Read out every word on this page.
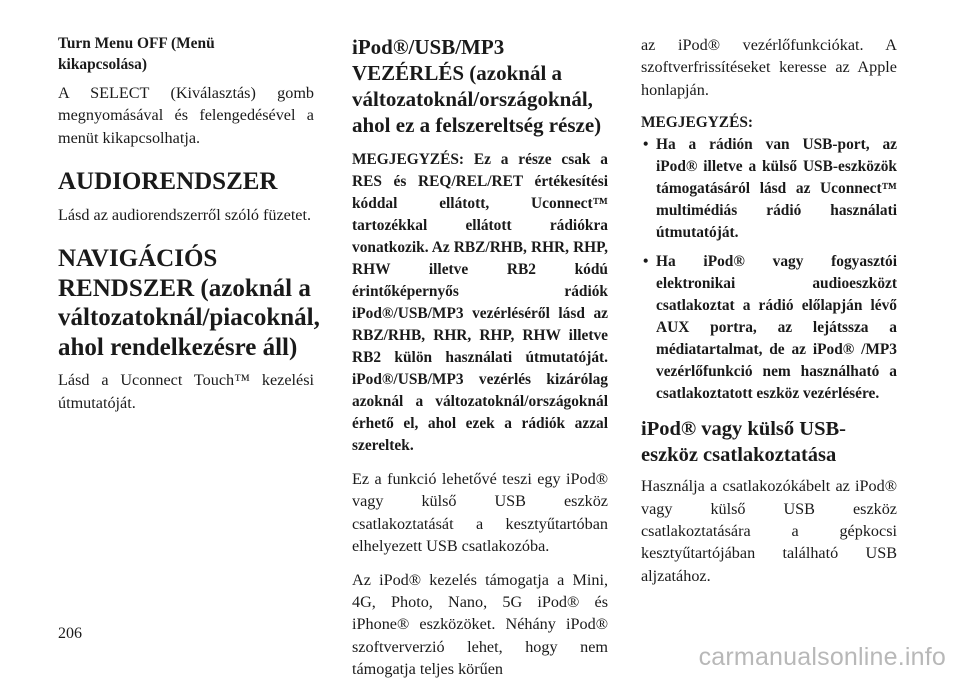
Turn Menu OFF (Menü kikapcsolása)

A SELECT (Kiválasztás) gomb megnyomásával és felengedésével a menüt kikapcsolhatja.

AUDIORENDSZER

Lásd az audiorendszerről szóló füzetet.

NAVIGÁCIÓS RENDSZER (azoknál a változatoknál/piacoknál, ahol rendelkezésre áll)

Lásd a Uconnect Touch™ kezelési útmutatóját.

iPod®/USB/MP3 VEZÉRLÉS (azoknál a változatoknál/országoknál, ahol ez a felszereltség része)

MEGJEGYZÉS: Ez a része csak a RES és REQ/REL/RET értékesítési kóddal ellátott, Uconnect™ tartozékkal ellátott rádiókra vonatkozik. Az RBZ/RHB, RHR, RHP, RHW illetve RB2 kódú érintőképernyős rádiók iPod®/USB/MP3 vezérléséről lásd az RBZ/RHB, RHR, RHP, RHW illetve RB2 külön használati útmutatóját. iPod®/USB/MP3 vezérlés kizárólag azoknál a változatoknál/országoknál érhető el, ahol ezek a rádiók azzal szereltek.

Ez a funkció lehetővé teszi egy iPod® vagy külső USB eszköz csatlakoztatását a kesztyűtartóban elhelyezett USB csatlakozóba.

Az iPod® kezelés támogatja a Mini, 4G, Photo, Nano, 5G iPod® és iPhone® eszközöket. Néhány iPod® szoftververzió lehet, hogy nem támogatja teljes körűen

az iPod® vezérlőfunkciókat. A szoftverfrissítéseket keresse az Apple honlapján.

MEGJEGYZÉS:

• Ha a rádión van USB-port, az iPod® illetve a külső USB-eszközök támogatásáról lásd az Uconnect™ multimédiás rádió használati útmutatóját.
• Ha iPod® vagy fogyasztói elektronikai audioeszközt csatlakoztat a rádió előlapján lévő AUX portra, az lejátssza a médiatartalmat, de az iPod® /MP3 vezérlőfunkció nem használható a csatlakoztatott eszköz vezérlésére.
iPod® vagy külső USB-eszköz csatlakoztatása

Használja a csatlakozókábelt az iPod® vagy külső USB eszköz csatlakoztatására a gépkocsi kesztyűtartójában található USB aljzatához.

206
carmanualsonline.info
